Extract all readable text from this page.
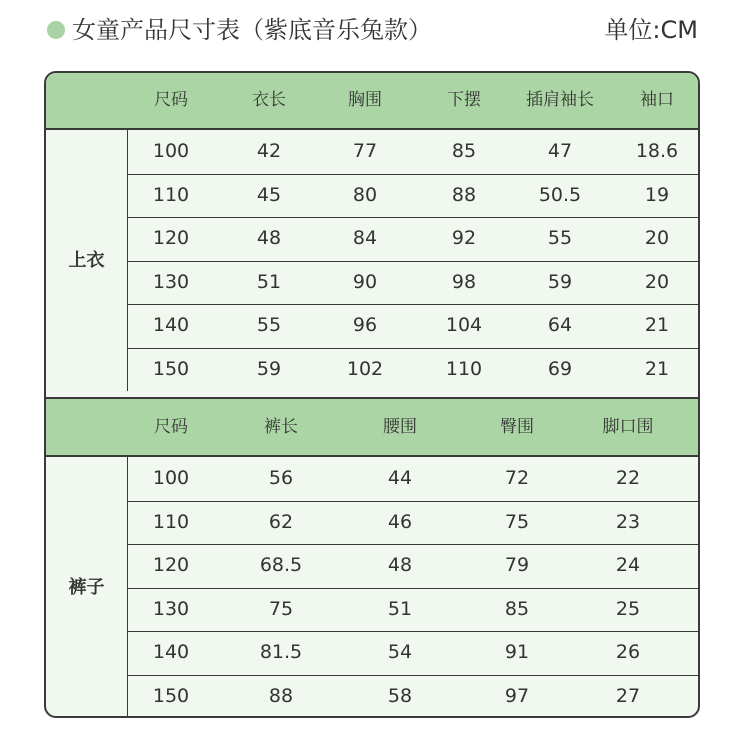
女童产品尺寸表（紫底音乐兔款）	单位:CM
尺码	衣长	胸围	下摆	插肩袖长	袖口
上衣
100	42	77	85	47	18.6
110	45	80	88	50.5	19
120	48	84	92	55	20
130	51	90	98	59	20
140	55	96	104	64	21
150	59	102	110	69	21
尺码	裤长	腰围	臀围	脚口围
裤子
100	56	44	72	22
110	62	46	75	23
120	68.5	48	79	24
130	75	51	85	25
140	81.5	54	91	26
150	88	58	97	27
